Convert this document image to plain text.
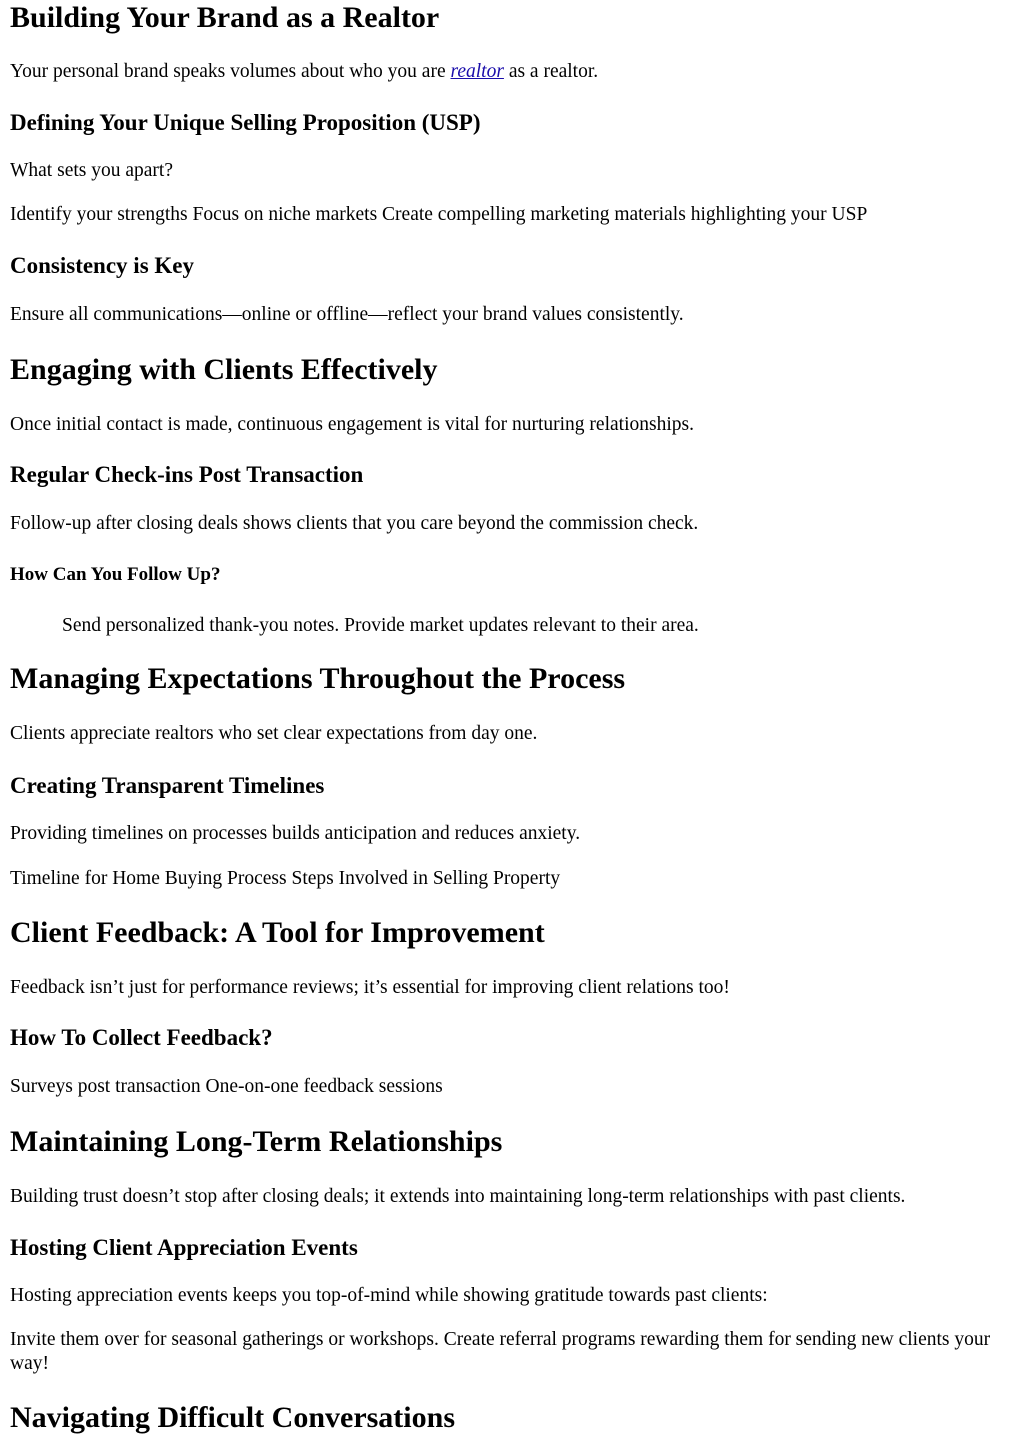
Building Your Brand as a Realtor

Your personal brand speaks volumes about who you are realtor as a realtor.

Defining Your Unique Selling Proposition (USP)

What sets you apart?

Identify your strengths Focus on niche markets Create compelling marketing materials highlighting your USP

Consistency is Key

Ensure all communications—online or offline—reflect your brand values consistently.

Engaging with Clients Effectively

Once initial contact is made, continuous engagement is vital for nurturing relationships.

Regular Check-ins Post Transaction

Follow-up after closing deals shows clients that you care beyond the commission check.

How Can You Follow Up?

Send personalized thank-you notes. Provide market updates relevant to their area.

Managing Expectations Throughout the Process

Clients appreciate realtors who set clear expectations from day one.

Creating Transparent Timelines

Providing timelines on processes builds anticipation and reduces anxiety.

Timeline for Home Buying Process Steps Involved in Selling Property

Client Feedback: A Tool for Improvement

Feedback isn’t just for performance reviews; it’s essential for improving client relations too!

How To Collect Feedback?

Surveys post transaction One-on-one feedback sessions

Maintaining Long-Term Relationships

Building trust doesn’t stop after closing deals; it extends into maintaining long-term relationships with past clients.

Hosting Client Appreciation Events

Hosting appreciation events keeps you top-of-mind while showing gratitude towards past clients:

Invite them over for seasonal gatherings or workshops. Create referral programs rewarding them for sending new clients your way!

Navigating Difficult Conversations
